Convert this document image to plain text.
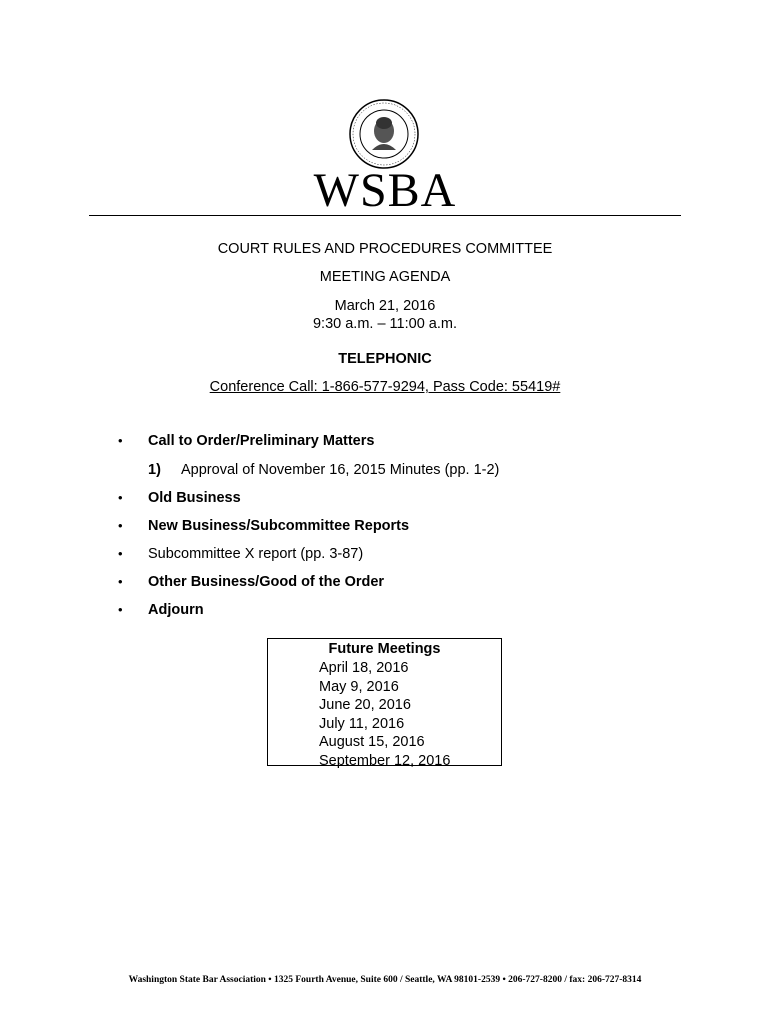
WSBA
COURT RULES AND PROCEDURES COMMITTEE
MEETING AGENDA
March 21, 2016
9:30 a.m. – 11:00 a.m.
TELEPHONIC
Conference Call: 1-866-577-9294, Pass Code: 55419#
•	Call to Order/Preliminary Matters
1) Approval of November 16, 2015 Minutes (pp. 1-2)
•	Old Business
•	New Business/Subcommittee Reports
•	Subcommittee X report (pp. 3-87)
•	Other Business/Good of the Order
•	Adjourn
Future Meetings
April 18, 2016
May 9, 2016
June 20, 2016
July 11, 2016
August 15, 2016
September 12, 2016
Washington State Bar Association • 1325 Fourth Avenue, Suite 600 / Seattle, WA 98101-2539 • 206-727-8200 / fax: 206-727-8314
